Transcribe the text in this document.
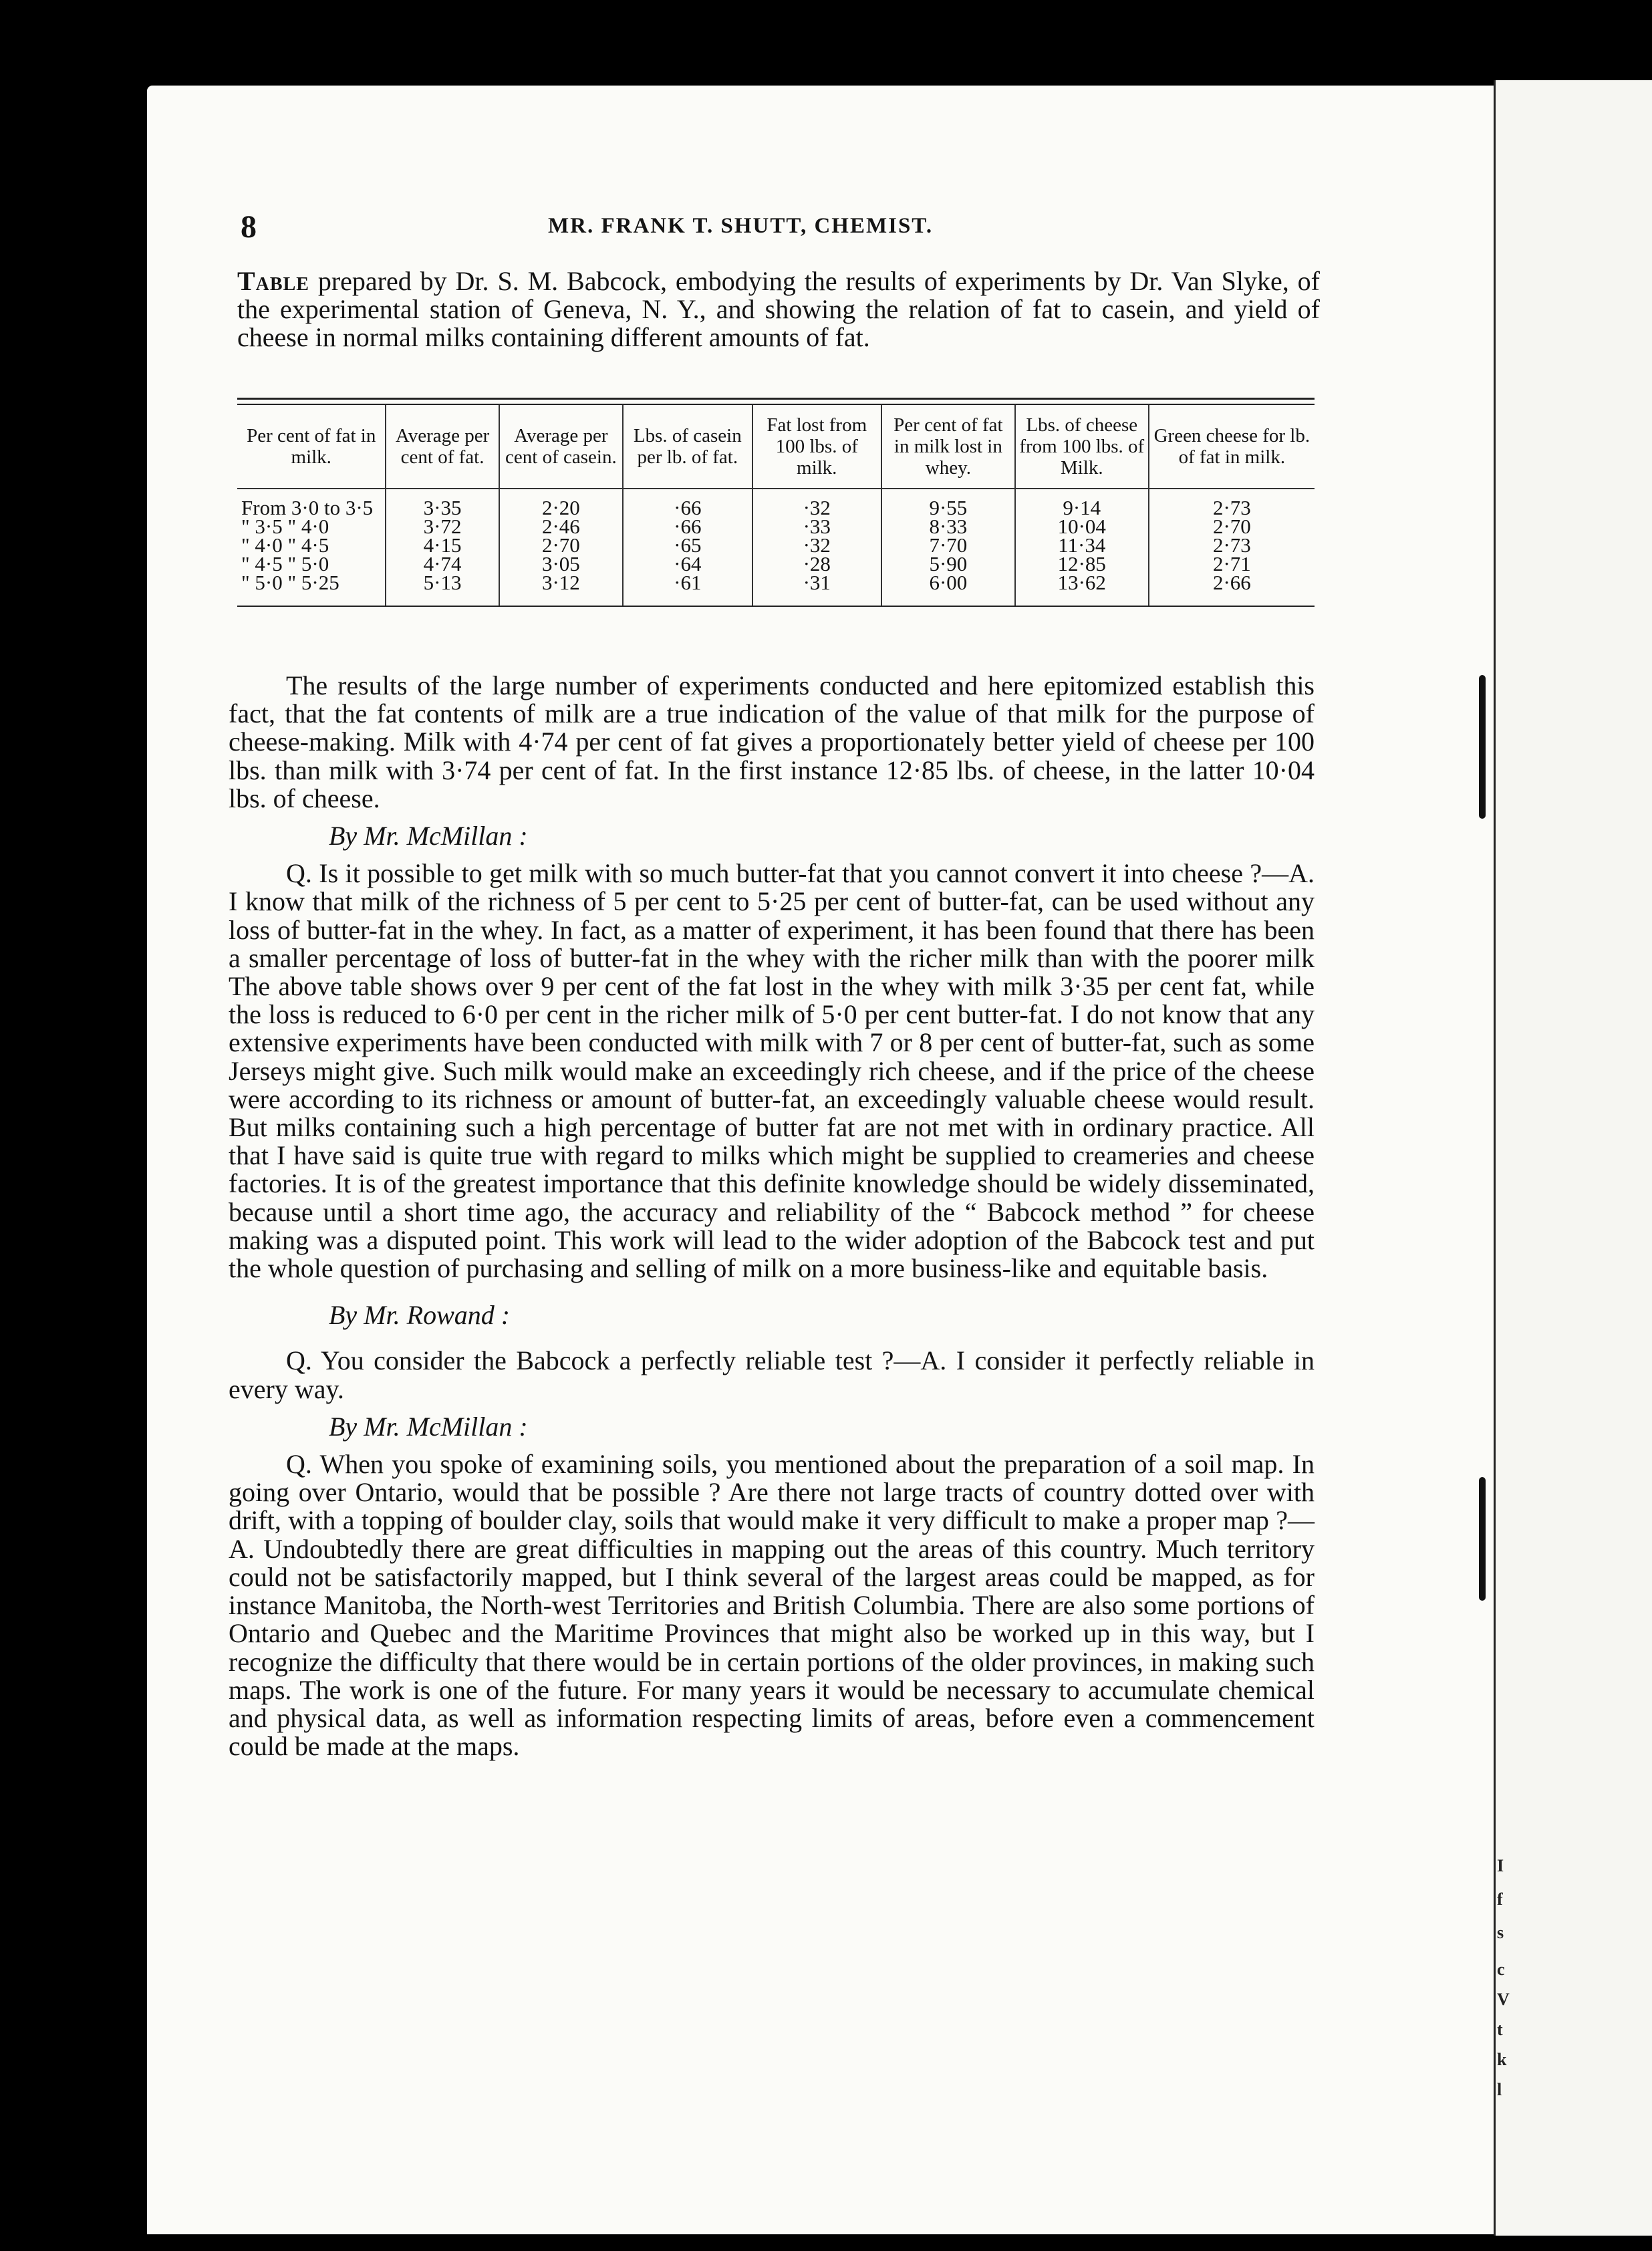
I
f
s
c
V
t
k
l
8	MR. FRANK T. SHUTT, CHEMIST.
Table prepared by Dr. S. M. Babcock, embodying the results of experiments by Dr. Van Slyke, of the experimental station of Geneva, N. Y., and showing the relation of fat to casein, and yield of cheese in normal milks containing different amounts of fat.
Per cent of fat in milk.	Average per cent of fat.	Average per cent of casein.	Lbs. of casein per lb. of fat.	Fat lost from 100 lbs. of milk.	Per cent of fat in milk lost in whey.	Lbs. of cheese from 100 lbs. of Milk.	Green cheese for lb. of fat in milk.
From 3·0 to 3·5	3·35	2·20	·66	·32	9·55	9·14	2·73
" 3·5 " 4·0	3·72	2·46	·66	·33	8·33	10·04	2·70
" 4·0 " 4·5	4·15	2·70	·65	·32	7·70	11·34	2·73
" 4·5 " 5·0	4·74	3·05	·64	·28	5·90	12·85	2·71
" 5·0 " 5·25	5·13	3·12	·61	·31	6·00	13·62	2·66

The results of the large number of experiments conducted and here epitomized establish this fact, that the fat contents of milk are a true indication of the value of that milk for the purpose of cheese-making. Milk with 4·74 per cent of fat gives a proportionately better yield of cheese per 100 lbs. than milk with 3·74 per cent of fat. In the first instance 12·85 lbs. of cheese, in the latter 10·04 lbs. of cheese.

By Mr. McMillan :

Q. Is it possible to get milk with so much butter-fat that you cannot convert it into cheese ?—A. I know that milk of the richness of 5 per cent to 5·25 per cent of butter-fat, can be used without any loss of butter-fat in the whey. In fact, as a matter of experiment, it has been found that there has been a smaller percentage of loss of butter-fat in the whey with the richer milk than with the poorer milk The above table shows over 9 per cent of the fat lost in the whey with milk 3·35 per cent fat, while the loss is reduced to 6·0 per cent in the richer milk of 5·0 per cent butter-fat. I do not know that any extensive experiments have been conducted with milk with 7 or 8 per cent of butter-fat, such as some Jerseys might give. Such milk would make an exceedingly rich cheese, and if the price of the cheese were according to its richness or amount of butter-fat, an exceedingly valuable cheese would result. But milks containing such a high percentage of butter fat are not met with in ordinary practice. All that I have said is quite true with regard to milks which might be supplied to creameries and cheese factories. It is of the greatest importance that this definite knowledge should be widely disseminated, because until a short time ago, the accuracy and reliability of the “ Babcock method ” for cheese making was a disputed point. This work will lead to the wider adoption of the Babcock test and put the whole question of purchasing and selling of milk on a more business-like and equitable basis.

By Mr. Rowand :

Q. You consider the Babcock a perfectly reliable test ?—A. I consider it perfectly reliable in every way.

By Mr. McMillan :

Q. When you spoke of examining soils, you mentioned about the preparation of a soil map. In going over Ontario, would that be possible ? Are there not large tracts of country dotted over with drift, with a topping of boulder clay, soils that would make it very difficult to make a proper map ?—A. Undoubtedly there are great difficulties in mapping out the areas of this country. Much territory could not be satisfactorily mapped, but I think several of the largest areas could be mapped, as for instance Manitoba, the North-west Territories and British Columbia. There are also some portions of Ontario and Quebec and the Maritime Provinces that might also be worked up in this way, but I recognize the difficulty that there would be in certain portions of the older provinces, in making such maps. The work is one of the future. For many years it would be necessary to accumulate chemical and physical data, as well as information respecting limits of areas, before even a commencement could be made at the maps.
